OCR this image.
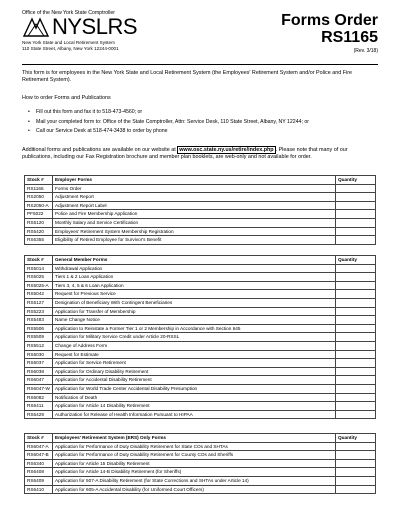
Office of the New York State Comptroller
NYSLRS
New York State and Local Retirement System
110 State Street, Albany, New York 12244-0001
Forms Order
RS1165
(Rev. 3/18)
This form is for employees in the New York State and Local Retirement System (the Employees' Retirement System and/or Police and Fire Retirement System).
How to order Forms and Publications
• Fill out this form and fax it to 518-473-4560; or
• Mail your completed form to: Office of the State Comptroller, Attn: Service Desk, 110 State Street, Albany, NY 12244; or
• Call our Service Desk at 518-474-3438 to order by phone
Additional forms and publications are available on our website at www.osc.state.ny.us/retire/index.php . Please note that many of our publications, including our Fax Registration brochure and member plan booklets, are web-only and not available for order.
Stock #	Employer Forms	Quantity
RS1165	Forms Order	
RS2050	Adjustment Report	
RS2050-A	Adjustment Report Label	
PF5022	Police and Fire Membership Application	
RS5120	Monthly Salary and Service Certification	
RS5420	Employees' Retirement System Membership Registration	
RS6355	Eligibility of Retired Employee for Survivor's Benefit	
Stock #	General Member Forms	Quantity
RS5014	Withdrawal Application	
RS5025	Tiers 1 & 2 Loan Application	
RS5025-A	Tiers 3, 4, 5 & 6 Loan Application	
RS5042	Request for Previous Service	
RS5127	Designation of Beneficiary With Contingent Beneficiaries	
RS5223	Application for Transfer of Membership	
RS5483	Name Change Notice	
RS5506	Application to Reinstate a Former Tier 1 or 2 Membership in Accordance with Section 645	
RS5509	Application for Military Service Credit under Article 20-RSSL	
RS5512	Change of Address Form	
RS6030	Request for Estimate	
RS6037	Application for Service Retirement	
RS6038	Application for Ordinary Disability Retirement	
RS6047	Application for Accidental Disability Retirement	
RS6047-W	Application for World Trade Center Accidental Disability Presumption	
RS6082	Notification of Death	
RS6411	Application for Article 14 Disability Retirement	
RS6429	Authorization for Release of Health Information Pursuant to HIPAA	
Stock #	Employees' Retirement System (ERS) Only Forms	Quantity
RS6047-A	Application for Performance of Duty Disability Retirement for State COs and SHTAs	
RS6047-B	Application for Performance of Duty Disability Retirement for County COs and Sheriffs	
RS6340	Application for Article 15 Disability Retirement	
RS6408	Application for Article 14-B Disability Retirement (for Sheriffs)	
RS6409	Application for 507-A Disability Retirement (for State Corrections and SHTAs under Article 14)	
RS6410	Application for 605-A Accidental Disability (for Uniformed Court Officers)	
